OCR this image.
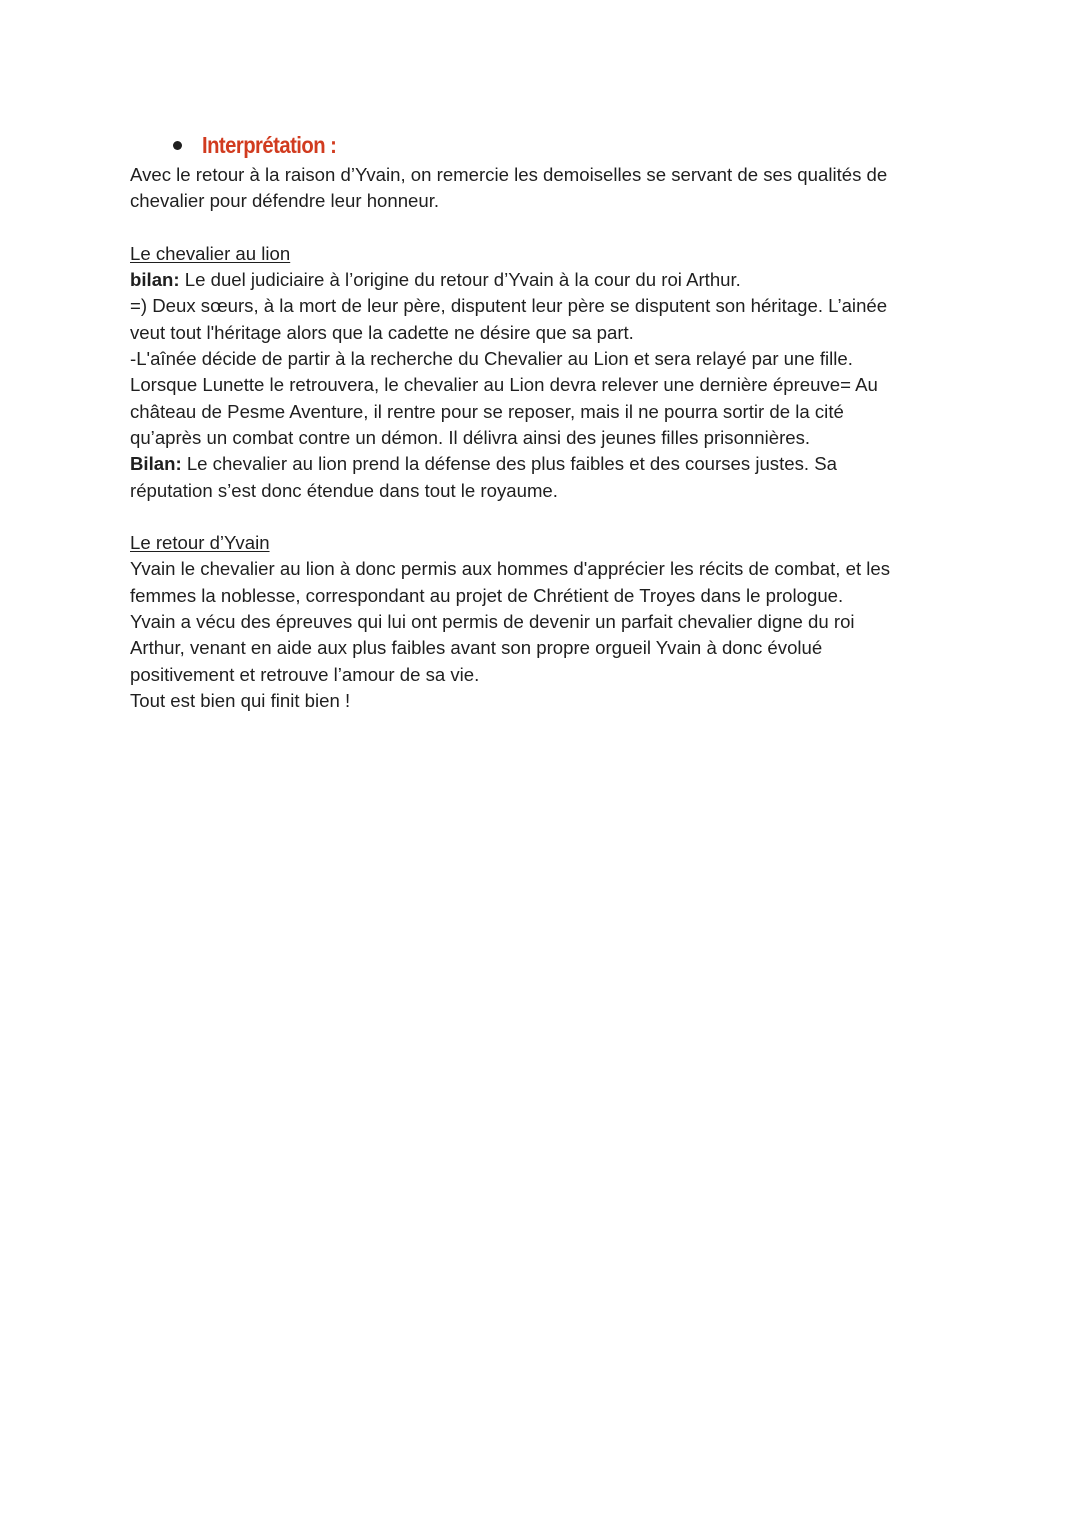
Interprétation :

Avec le retour à la raison d’Yvain, on remercie les demoiselles se servant de ses qualités de
chevalier pour défendre leur honneur.

Le chevalier au lion
bilan: Le duel judiciaire à l’origine du retour d’Yvain à la cour du roi Arthur.
=) Deux sœurs, à la mort de leur père, disputent leur père se disputent son héritage. L’ainée
veut tout l'héritage alors que la cadette ne désire que sa part.
-L'aînée décide de partir à la recherche du Chevalier au Lion et sera relayé par une fille.
Lorsque Lunette le retrouvera, le chevalier au Lion devra relever une dernière épreuve= Au
château de Pesme Aventure, il rentre pour se reposer, mais il ne pourra sortir de la cité
qu’après un combat contre un démon. Il délivra ainsi des jeunes filles prisonnières.
Bilan: Le chevalier au lion prend la défense des plus faibles et des courses justes. Sa
réputation s’est donc étendue dans tout le royaume.

Le retour d’Yvain
Yvain le chevalier au lion à donc permis aux hommes d'apprécier les récits de combat, et les
femmes la noblesse, correspondant au projet de Chrétient de Troyes dans le prologue.
Yvain a vécu des épreuves qui lui ont permis de devenir un parfait chevalier digne du roi
Arthur, venant en aide aux plus faibles avant son propre orgueil Yvain à donc évolué
positivement et retrouve l’amour de sa vie.
Tout est bien qui finit bien !
